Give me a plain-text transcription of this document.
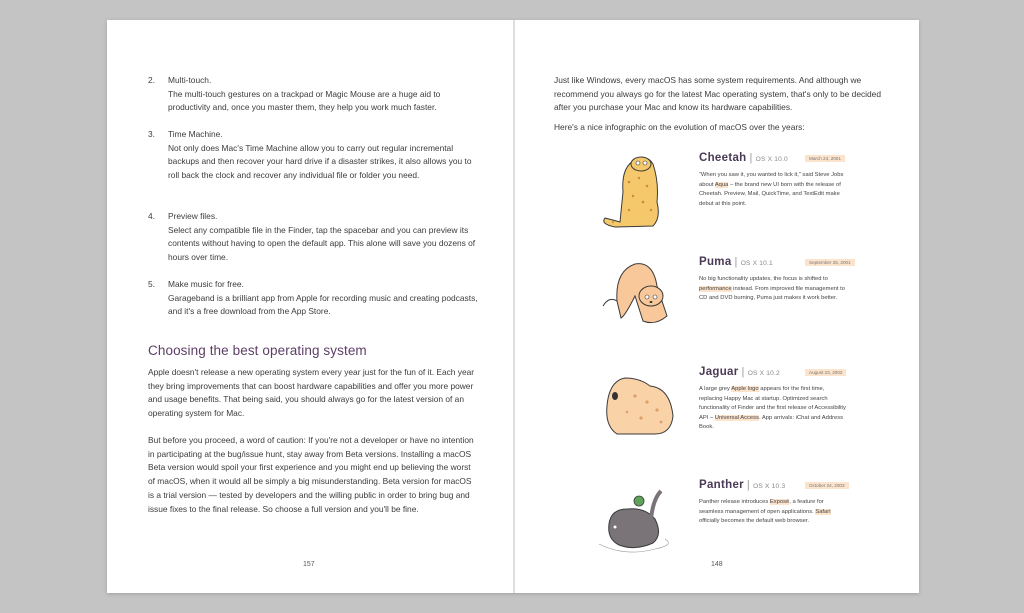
2. Multi-touch.
The multi-touch gestures on a trackpad or Magic Mouse are a huge aid to productivity and, once you master them, they help you work much faster.
3. Time Machine.
Not only does Mac's Time Machine allow you to carry out regular incremental backups and then recover your hard drive if a disaster strikes, it also allows you to roll back the clock and recover any individual file or folder you need.
4. Preview files.
Select any compatible file in the Finder, tap the spacebar and you can preview its contents without having to open the default app. This alone will save you dozens of hours over time.
5. Make music for free.
Garageband is a brilliant app from Apple for recording music and creating podcasts, and it's a free download from the App Store.
Choosing the best operating system
Apple doesn't release a new operating system every year just for the fun of it. Each year they bring improvements that can boost hardware capabilities and offer you more power and usage benefits. That being said, you should always go for the latest version of an operating system for Mac.
But before you proceed, a word of caution: If you're not a developer or have no intention in participating at the bug/issue hunt, stay away from Beta versions. Installing a macOS Beta version would spoil your first experience and you might end up believing the worst of macOS, when it would all be simply a big misunderstanding. Beta version for macOS is a trial version — tested by developers and the willing public in order to bring bug and issue fixes to the final release. So choose a full version and you'll be fine.
157
Just like Windows, every macOS has some system requirements. And although we recommend you always go for the latest Mac operating system, that's only to be decided after you purchase your Mac and know its hardware capabilities.
Here's a nice infographic on the evolution of macOS over the years:
Cheetah | OS X 10.0	March 24, 2001
“When you saw it, you wanted to lick it,” said Steve Jobs about Aqua – the brand new UI born with the release of Cheetah. Preview, Mail, QuickTime, and TextEdit make debut at this point.
Puma | OS X 10.1	September 25, 2001
No big functionality updates, the focus is shifted to performance instead. From improved file management to CD and DVD burning, Puma just makes it work better.
Jaguar | OS X 10.2	August 23, 2002
A large grey Apple logo appears for the first time, replacing Happy Mac at startup. Optimized search functionality of Finder and the first release of Accessibility API – Universal Access. App arrivals: iChat and Address Book.
Panther | OS X 10.3	October 24, 2003
Panther release introduces Exposé, a feature for seamless management of open applications. Safari officially becomes the default web browser.
148
